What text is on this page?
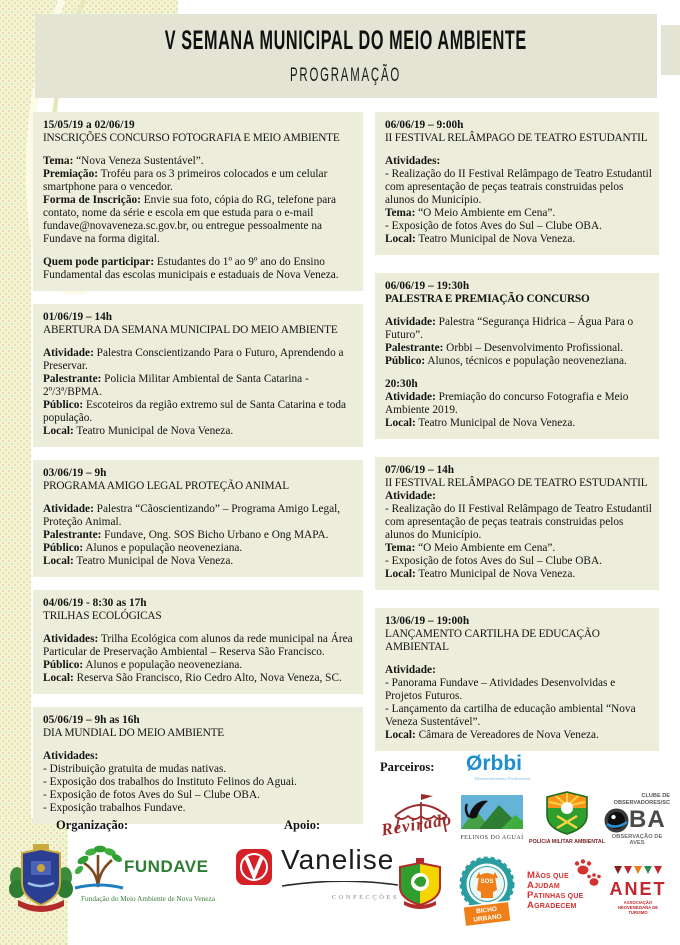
V SEMANA MUNICIPAL DO MEIO AMBIENTE
PROGRAMAÇÃO
15/05/19 a 02/06/19
INSCRIÇÕES CONCURSO FOTOGRAFIA E MEIO AMBIENTE
Tema: “Nova Veneza Sustentável”.
Premiação: Troféu para os 3 primeiros colocados e um celular smartphone para o vencedor.
Forma de Inscrição: Envie sua foto, cópia do RG, telefone para contato, nome da série e escola em que estuda para o e-mail fundave@novaveneza.sc.gov.br, ou entregue pessoalmente na Fundave na forma digital.
Quem pode participar: Estudantes do 1º ao 9º ano do Ensino Fundamental das escolas municipais e estaduais de Nova Veneza.
01/06/19 – 14h
ABERTURA DA SEMANA MUNICIPAL DO MEIO AMBIENTE
Atividade: Palestra Conscientizando Para o Futuro, Aprendendo a Preservar.
Palestrante: Policia Militar Ambiental de Santa Catarina - 2º/3ª/BPMA.
Público: Escoteiros da região extremo sul de Santa Catarina e toda população.
Local: Teatro Municipal de Nova Veneza.
03/06/19 – 9h
PROGRAMA AMIGO LEGAL PROTEÇÃO ANIMAL
Atividade: Palestra “Cãoscientizando” – Programa Amigo Legal, Proteção Animal.
Palestrante: Fundave, Ong. SOS Bicho Urbano e Ong MAPA.
Público: Alunos e população neoveneziana.
Local: Teatro Municipal de Nova Veneza.
04/06/19 - 8:30 as 17h
TRILHAS ECOLÓGICAS
Atividades: Trilha Ecológica com alunos da rede municipal na Área Particular de Preservação Ambiental – Reserva São Francisco.
Público: Alunos e população neoveneziana.
Local: Reserva São Francisco, Rio Cedro Alto, Nova Veneza, SC.
05/06/19 – 9h as 16h
DIA MUNDIAL DO MEIO AMBIENTE
Atividades:
- Distribuição gratuita de mudas nativas.
- Exposição dos trabalhos do Instituto Felinos do Aguai.
- Exposição de fotos Aves do Sul – Clube OBA.
- Exposição trabalhos Fundave.
06/06/19 – 9:00h
II FESTIVAL RELÂMPAGO DE TEATRO ESTUDANTIL
Atividades:
- Realização do II Festival Relâmpago de Teatro Estudantil com apresentação de peças teatrais construidas pelos alunos do Município.
Tema: “O Meio Ambiente em Cena”.
- Exposição de fotos Aves do Sul – Clube OBA.
Local: Teatro Municipal de Nova Veneza.
06/06/19 – 19:30h
PALESTRA E PREMIAÇÃO CONCURSO
Atividade: Palestra “Segurança Hidrica – Água Para o Futuro”.
Palestrante: Orbbi – Desenvolvimento Profissional.
Público: Alunos, técnicos e população neoveneziana.
20:30h
Atividade: Premiação do concurso Fotografia e Meio Ambiente 2019.
Local: Teatro Municipal de Nova Veneza.
07/06/19 – 14h
II FESTIVAL RELÂMPAGO DE TEATRO ESTUDANTIL
Atividade:
- Realização do II Festival Relâmpago de Teatro Estudantil com apresentação de peças teatrais construidas pelos alunos do Município.
Tema: “O Meio Ambiente em Cena”.
- Exposição de fotos Aves do Sul – Clube OBA.
Local: Teatro Municipal de Nova Veneza.
13/06/19 – 19:00h
LANÇAMENTO CARTILHA DE EDUCAÇÃO AMBIENTAL
Atividade:
- Panorama Fundave – Atividades Desenvolvidas e Projetos Futuros.
- Lançamento da cartilha de educação ambiental “Nova Veneza Sustentável”.
Local: Câmara de Vereadores de Nova Veneza.
Organização:	Apoio:
Parceiros:
FUNDAVE
Fundação do Meio Ambiente de Nova Veneza
Vanelise
CONFECÇÕES
Ørbbi
Desenvolvimento Profissional
Revirado FELINOS DO AGUAÍ
POLÍCIA MILITAR AMBIENTAL
CLUBE DE OBSERVADORES/SC
BA
OBSERVAÇÃO DE AVES
SOS
BICHO
URBANO
MÃOS QUE
AJUDAM
PATINHAS QUE
AGRADECEM
ANET
ASSOCIAÇÃO NEOVENEZIANA DE TURISMO
